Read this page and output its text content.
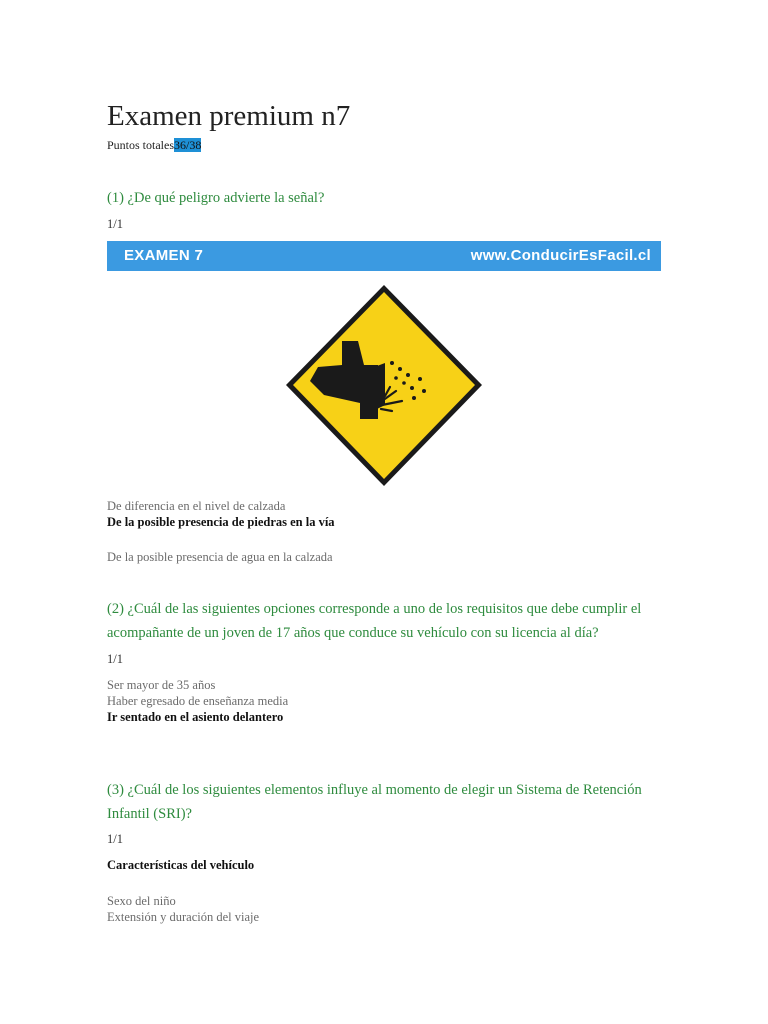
Examen premium n7
Puntos totales36/38
(1) ¿De qué peligro advierte la señal?
1/1
EXAMEN 7	www.ConducirEsFacil.cl
De diferencia en el nivel de calzada
De la posible presencia de piedras en la vía
De la posible presencia de agua en la calzada
(2) ¿Cuál de las siguientes opciones corresponde a uno de los requisitos que debe cumplir el acompañante de un joven de 17 años que conduce su vehículo con su licencia al día?
1/1
Ser mayor de 35 años
Haber egresado de enseñanza media
Ir sentado en el asiento delantero
(3) ¿Cuál de los siguientes elementos influye al momento de elegir un Sistema de Retención Infantil (SRI)?
1/1
Características del vehículo
Sexo del niño
Extensión y duración del viaje
